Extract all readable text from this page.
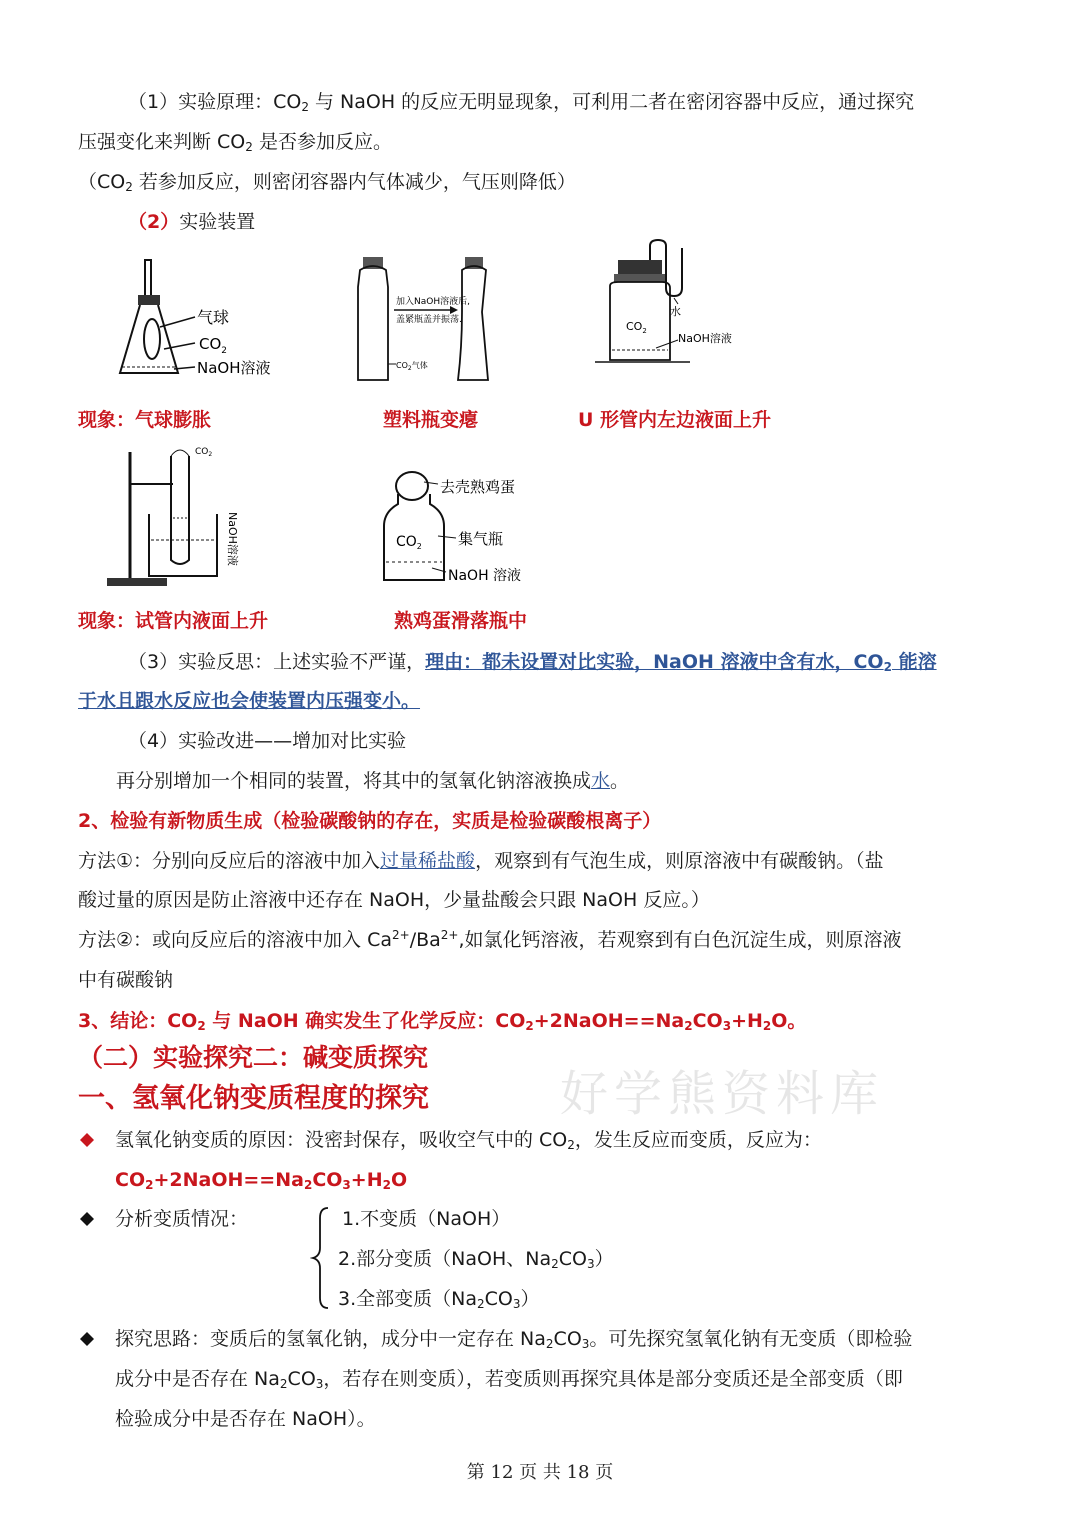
（1）实验原理：$CO_2$ 与 NaOH 的反应无明显现象，可利用二者在密闭容器中反应，通过探究
压强变化来判断 $CO_2$ 是否参加反应。
（$CO_2$ 若参加反应，则密闭容器内气体减少，气压则降低）
（2）实验装置
气球
$CO_2$
NaOH溶液	$CO_2$气体
加入NaOH溶液后,
盖紧瓶盖并振荡.
水
$CO_2$
NaOH溶液
现象：气球膨胀	塑料瓶变瘪	U 形管内左边液面上升
$CO_2$
NaOH溶液
去壳熟鸡蛋
集气瓶
$CO_2$
NaOH 溶液
现象：试管内液面上升	熟鸡蛋滑落瓶中
（3）实验反思：上述实验不严谨，理由：都未设置对比实验，NaOH 溶液中含有水，$CO_2$ 能溶
于水且跟水反应也会使装置内压强变小。
（4）实验改进——增加对比实验
再分别增加一个相同的装置，将其中的氢氧化钠溶液换成水。
2、检验有新物质生成（检验碳酸钠的存在，实质是检验碳酸根离子）
方法①：分别向反应后的溶液中加入过量稀盐酸，观察到有气泡生成，则原溶液中有碳酸钠。（盐
酸过量的原因是防止溶液中还存在 NaOH，少量盐酸会只跟 NaOH 反应。）
方法②：或向反应后的溶液中加入 $Ca^{2+}/Ba^{2+}$,如氯化钙溶液，若观察到有白色沉淀生成，则原溶液
中有碳酸钠
3、结论：$CO_2$ 与 NaOH 确实发生了化学反应：$CO_2+2NaOH==Na_2CO_3+H_2O$。
（二）实验探究二：碱变质探究
一、氢氧化钠变质程度的探究	好学熊资料库
氢氧化钠变质的原因：没密封保存，吸收空气中的 $CO_2$，发生反应而变质，反应为：
$CO_2+2NaOH==Na_2CO_3+H_2O$
分析变质情况：	1.不变质（NaOH）
2.部分变质（NaOH、$Na_2CO_3$）
3.全部变质$(Na_2CO_3)$
探究思路：变质后的氢氧化钠，成分中一定存在 $Na_2CO_3$。可先探究氢氧化钠有无变质（即检验
成分中是否存在 $Na_2CO_3$，若存在则变质），若变质则再探究具体是部分变质还是全部变质（即
检验成分中是否存在 NaOH）。
第 12 页 共 18 页
